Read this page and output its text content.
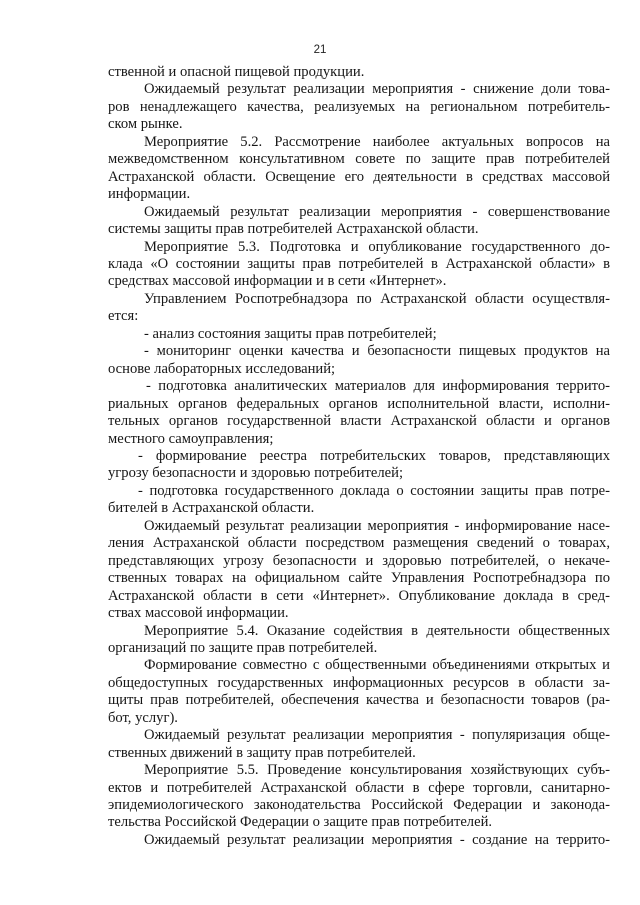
21

ственной и опасной пищевой продукции.

Ожидаемый результат реализации мероприятия - снижение доли това-

ров ненадлежащего качества, реализуемых на региональном потребитель-

ском рынке.

Мероприятие 5.2. Рассмотрение наиболее актуальных вопросов на

межведомственном консультативном совете по защите прав потребителей

Астраханской области. Освещение его деятельности в средствах массовой

информации.

Ожидаемый результат реализации мероприятия - совершенствование

системы защиты прав потребителей Астраханской области.

Мероприятие 5.3. Подготовка и опубликование государственного до-

клада «О состоянии защиты прав потребителей в Астраханской области» в

средствах массовой информации и в сети «Интернет».

Управлением Роспотребнадзора по Астраханской области осуществля-

ется:

- анализ состояния защиты прав потребителей;

- мониторинг оценки качества и безопасности пищевых продуктов на

основе лабораторных исследований;

- подготовка аналитических материалов для информирования террито-

риальных органов федеральных органов исполнительной власти, исполни-

тельных органов государственной власти Астраханской области и органов

местного самоуправления;

- формирование реестра потребительских товаров, представляющих

угрозу безопасности и здоровью потребителей;

- подготовка государственного доклада о состоянии защиты прав потре-

бителей в Астраханской области.

Ожидаемый результат реализации мероприятия - информирование насе-

ления Астраханской области посредством размещения сведений о товарах,

представляющих угрозу безопасности и здоровью потребителей, о некаче-

ственных товарах на официальном сайте Управления Роспотребнадзора по

Астраханской области в сети «Интернет». Опубликование доклада в сред-

ствах массовой информации.

Мероприятие 5.4. Оказание содействия в деятельности общественных

организаций по защите прав потребителей.

Формирование совместно с общественными объединениями открытых и

общедоступных государственных информационных ресурсов в области за-

щиты прав потребителей, обеспечения качества и безопасности товаров (ра-

бот, услуг).

Ожидаемый результат реализации мероприятия - популяризация обще-

ственных движений в защиту прав потребителей.

Мероприятие 5.5. Проведение консультирования хозяйствующих субъ-

ектов и потребителей Астраханской области в сфере торговли, санитарно-

эпидемиологического законодательства Российской Федерации и законода-

тельства Российской Федерации о защите прав потребителей.

Ожидаемый результат реализации мероприятия - создание на террито-
